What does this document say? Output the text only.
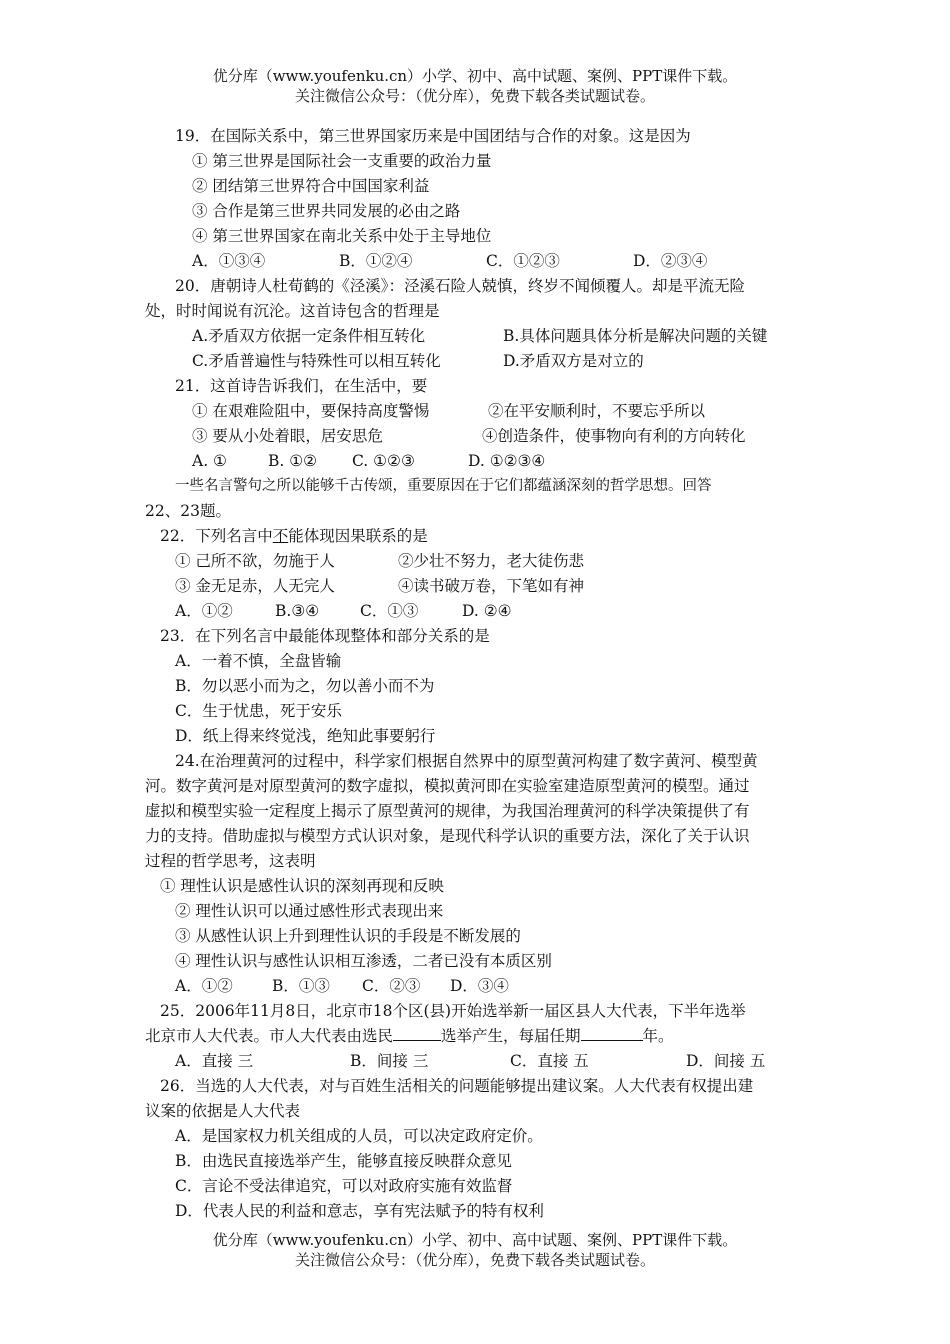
优分库（www.youfenku.cn）小学、初中、高中试题、案例、PPT课件下载。
关注微信公众号：（优分库），免费下载各类试题试卷。
19．在国际关系中，第三世界国家历来是中国团结与合作的对象。这是因为
① 第三世界是国际社会一支重要的政治力量
② 团结第三世界符合中国国家利益
③ 合作是第三世界共同发展的必由之路
④ 第三世界国家在南北关系中处于主导地位
A．①③④	B．①②④	C．①②③	D．②③④
20．唐朝诗人杜荀鹤的《泾溪》：泾溪石险人兢慎，终岁不闻倾覆人。却是平流无险
处，时时闻说有沉沦。这首诗包含的哲理是
A.矛盾双方依据一定条件相互转化	B.具体问题具体分析是解决问题的关键
C.矛盾普遍性与特殊性可以相互转化	D.矛盾双方是对立的
21．这首诗告诉我们，在生活中，要
① 在艰难险阻中，要保持高度警惕	②在平安顺利时，不要忘乎所以
③ 要从小处着眼，居安思危	④创造条件，使事物向有利的方向转化
A. ①	B. ①② C. ①②③	D. ①②③④
一些名言警句之所以能够千古传颂，重要原因在于它们都蕴涵深刻的哲学思想。回答
22、23题。
22．下列名言中不能体现因果联系的是
① 己所不欲，勿施于人	②少壮不努力，老大徒伤悲
③ 金无足赤，人无完人	④读书破万卷，下笔如有神
A．①②	B.③④	C．①③	D. ②④
23．在下列名言中最能体现整体和部分关系的是
A．一着不慎，全盘皆输
B．勿以恶小而为之，勿以善小而不为
C．生于忧患，死于安乐
D．纸上得来终觉浅，绝知此事要躬行
24.在治理黄河的过程中，科学家们根据自然界中的原型黄河构建了数字黄河、模型黄
河。数字黄河是对原型黄河的数字虚拟，模拟黄河即在实验室建造原型黄河的模型。通过
虚拟和模型实验一定程度上揭示了原型黄河的规律，为我国治理黄河的科学决策提供了有
力的支持。借助虚拟与模型方式认识对象，是现代科学认识的重要方法，深化了关于认识
过程的哲学思考，这表明
① 理性认识是感性认识的深刻再现和反映
② 理性认识可以通过感性形式表现出来
③ 从感性认识上升到理性认识的手段是不断发展的
④ 理性认识与感性认识相互渗透，二者已没有本质区别
A．①②	B．①③ C．②③ D．③④
25．2006年11月8日，北京市18个区(县)开始选举新一届区县人大代表，下半年选举
北京市人大代表。市人大代表由选民	选举产生，每届任期	年。
A．直接 三	B．间接 三	C．直接 五	D．间接 五
26．当选的人大代表，对与百姓生活相关的问题能够提出建议案。人大代表有权提出建
议案的依据是人大代表
A．是国家权力机关组成的人员，可以决定政府定价。
B．由选民直接选举产生，能够直接反映群众意见
C．言论不受法律追究，可以对政府实施有效监督
D．代表人民的利益和意志，享有宪法赋予的特有权利
优分库（www.youfenku.cn）小学、初中、高中试题、案例、PPT课件下载。
关注微信公众号：（优分库），免费下载各类试题试卷。
